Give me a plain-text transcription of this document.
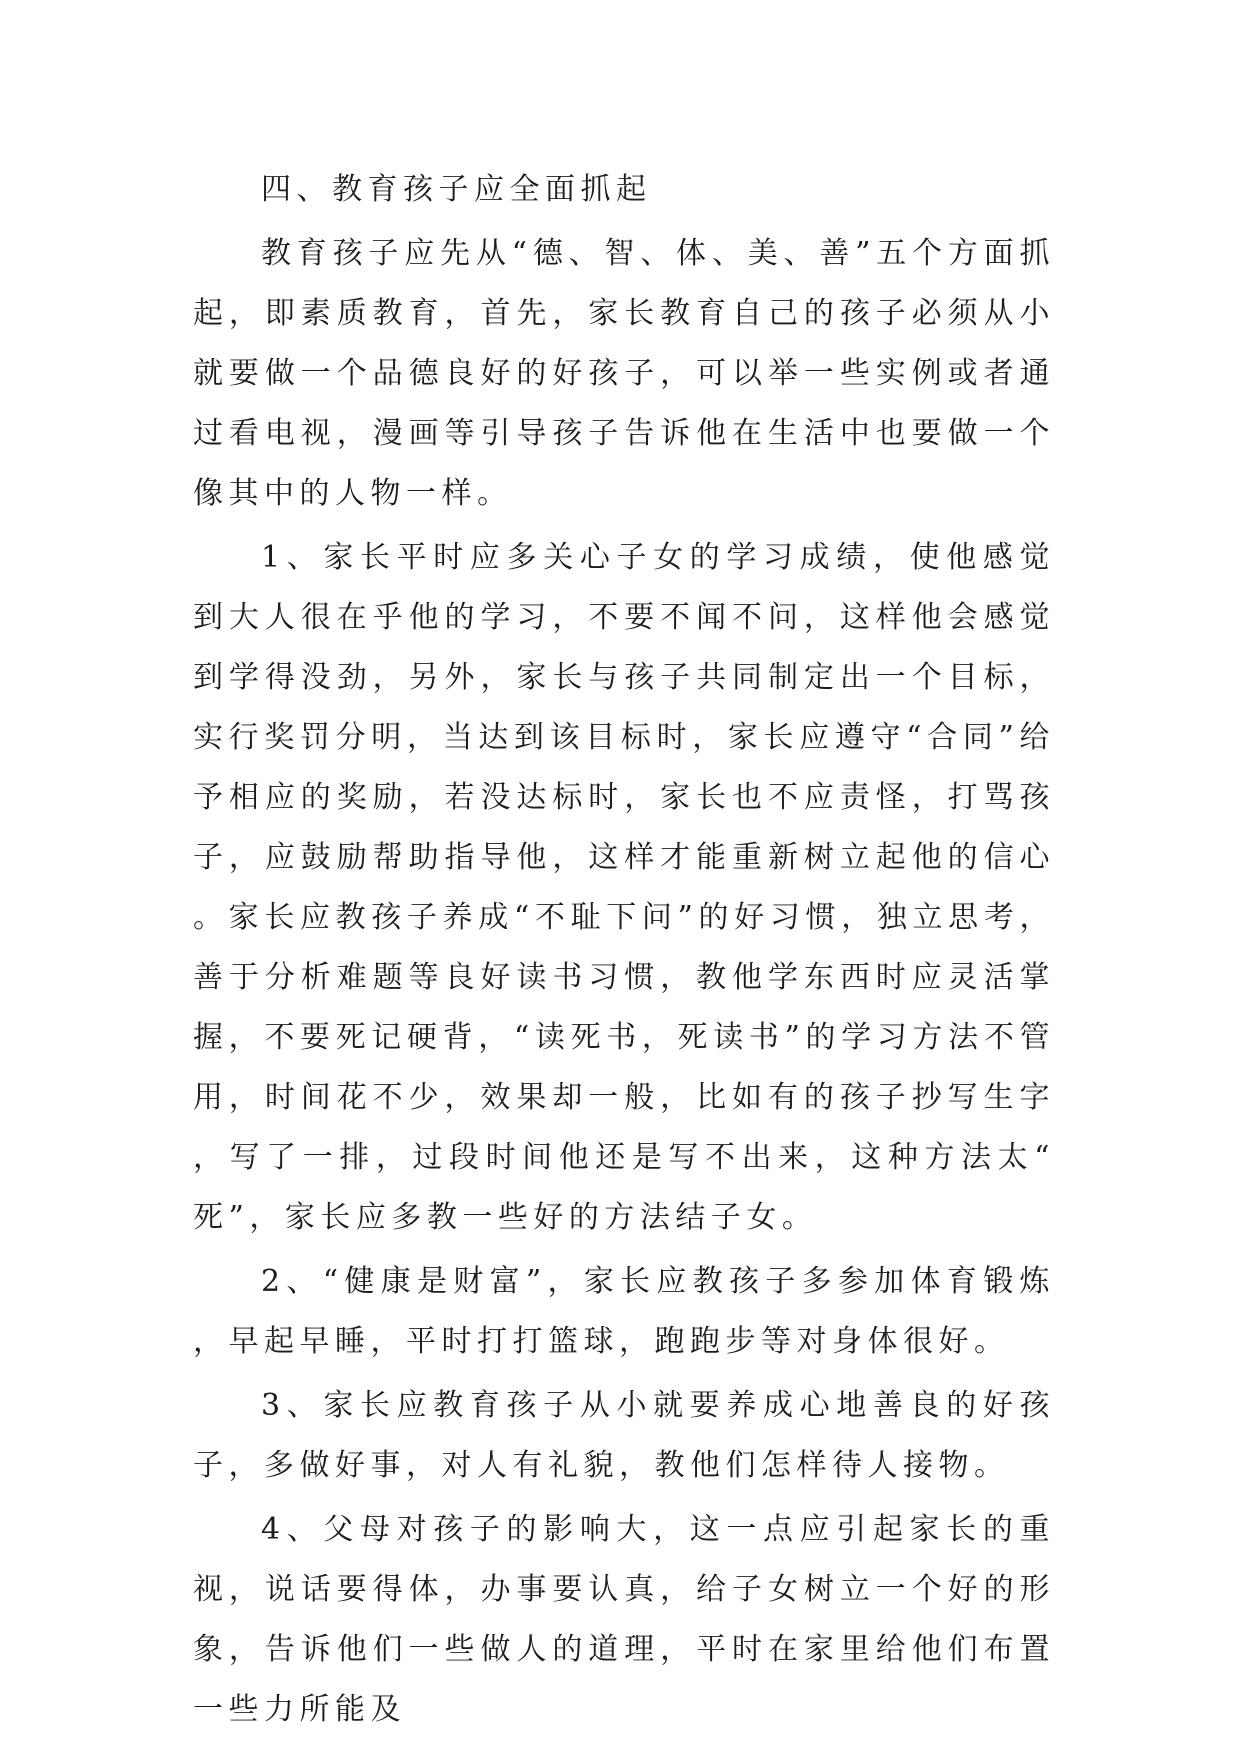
四、教育孩子应全面抓起

教育孩子应先从“德、智、体、美、善”五个方面抓起，即素质教育，首先，家长教育自己的孩子必须从小就要做一个品德良好的好孩子，可以举一些实例或者通过看电视，漫画等引导孩子告诉他在生活中也要做一个像其中的人物一样。

1、家长平时应多关心子女的学习成绩，使他感觉到大人很在乎他的学习，不要不闻不问，这样他会感觉到学得没劲，另外，家长与孩子共同制定出一个目标，实行奖罚分明，当达到该目标时，家长应遵守“合同”给予相应的奖励，若没达标时，家长也不应责怪，打骂孩子，应鼓励帮助指导他，这样才能重新树立起他的信心。家长应教孩子养成“不耻下问”的好习惯，独立思考，善于分析难题等良好读书习惯，教他学东西时应灵活掌握，不要死记硬背，“读死书，死读书”的学习方法不管用，时间花不少，效果却一般，比如有的孩子抄写生字，写了一排，过段时间他还是写不出来，这种方法太“死”，家长应多教一些好的方法结子女。

2、“健康是财富”，家长应教孩子多参加体育锻炼，早起早睡，平时打打篮球，跑跑步等对身体很好。

3、家长应教育孩子从小就要养成心地善良的好孩子，多做好事，对人有礼貌，教他们怎样待人接物。

4、父母对孩子的影响大，这一点应引起家长的重视，说话要得体，办事要认真，给子女树立一个好的形象，告诉他们一些做人的道理，平时在家里给他们布置一些力所能及
